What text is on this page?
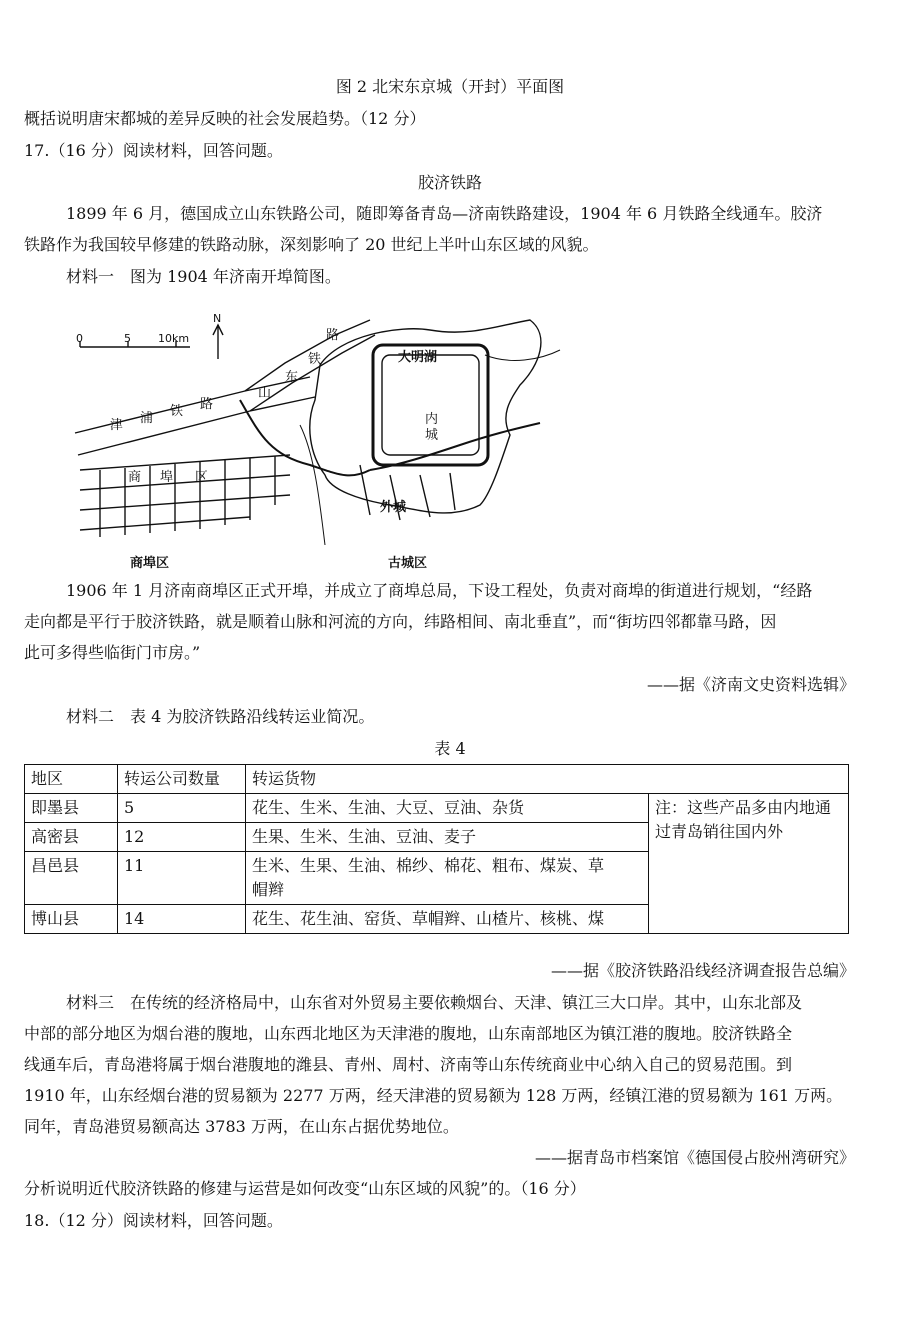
图 2 北宋东京城（开封）平面图
概括说明唐宋都城的差异反映的社会发展趋势。（12 分）
17.（16 分）阅读材料，回答问题。
胶济铁路
1899 年 6 月，德国成立山东铁路公司，随即筹备青岛—济南铁路建设，1904 年 6 月铁路全线通车。胶济
铁路作为我国较早修建的铁路动脉，深刻影响了 20 世纪上半叶山东区域的风貌。
材料一　图为 1904 年济南开埠简图。
0	5 10km
N
津 浦 铁 路
山
东
铁
路
大明湖
内
城
外城
商 埠 区
商埠区	古城区
1906 年 1 月济南商埠区正式开埠，并成立了商埠总局，下设工程处，负责对商埠的街道进行规划，“经路
走向都是平行于胶济铁路，就是顺着山脉和河流的方向，纬路相间、南北垂直”，而“街坊四邻都靠马路，因
此可多得些临街门市房。”
——据《济南文史资料选辑》
材料二　表 4 为胶济铁路沿线转运业简况。
表 4
地区	转运公司数量	转运货物	
即墨县	5	花生、生米、生油、大豆、豆油、杂货	注：这些产品多由内地通
过青岛销往国内外

高密县	12	生果、生米、生油、豆油、麦子	
昌邑县	11	生米、生果、生油、棉纱、棉花、粗布、煤炭、草
帽辫	

博山县	14	花生、花生油、窑货、草帽辫、山楂片、核桃、煤	
——据《胶济铁路沿线经济调查报告总编》
材料三　在传统的经济格局中，山东省对外贸易主要依赖烟台、天津、镇江三大口岸。其中，山东北部及
中部的部分地区为烟台港的腹地，山东西北地区为天津港的腹地，山东南部地区为镇江港的腹地。胶济铁路全
线通车后，青岛港将属于烟台港腹地的潍县、青州、周村、济南等山东传统商业中心纳入自己的贸易范围。到
1910 年，山东经烟台港的贸易额为 2277 万两，经天津港的贸易额为 128 万两，经镇江港的贸易额为 161 万两。
同年，青岛港贸易额高达 3783 万两，在山东占据优势地位。
——据青岛市档案馆《德国侵占胶州湾研究》
分析说明近代胶济铁路的修建与运营是如何改变“山东区域的风貌”的。（16 分）
18.（12 分）阅读材料，回答问题。
